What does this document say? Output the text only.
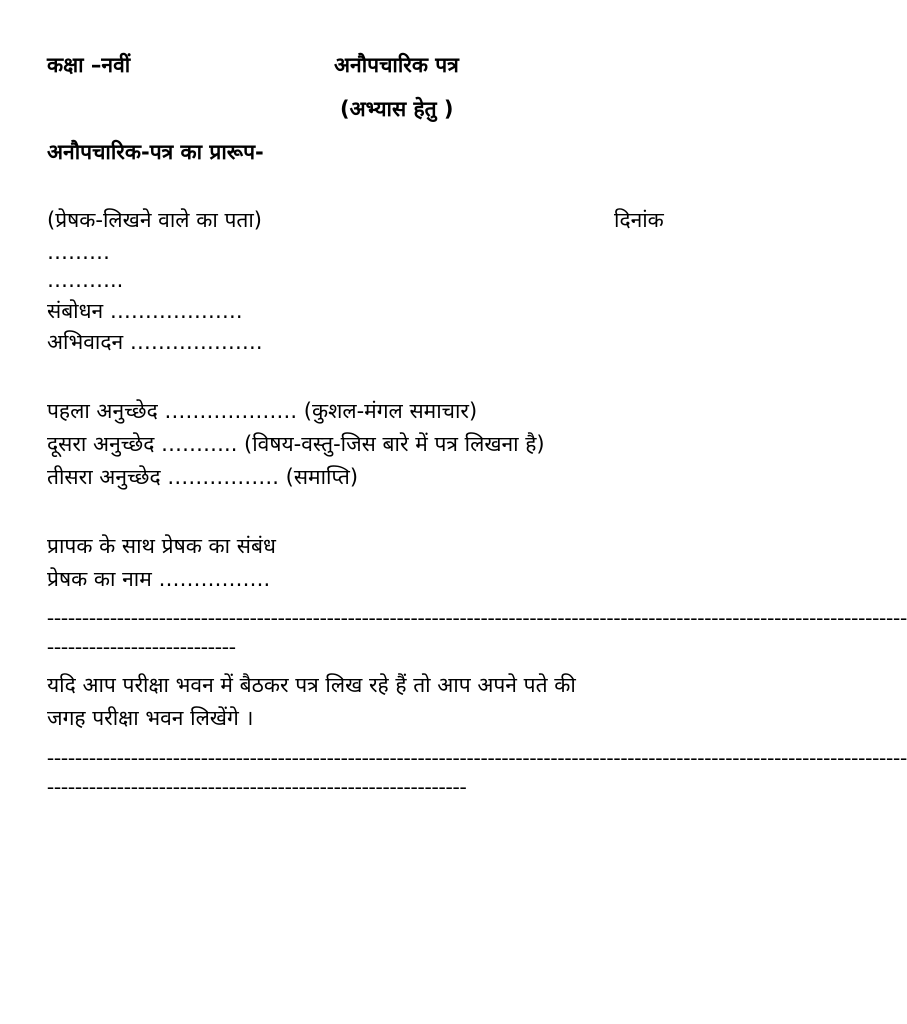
कक्षा –नवीं	अनौपचारिक पत्र
(अभ्यास हेतु )
अनौपचारिक-पत्र का प्रारूप-
(प्रेषक-लिखने वाले का पता)	दिनांक
………
………..
संबोधन ……………….
अभिवादन ……………….
पहला अनुच्छेद ………………. (कुशल-मंगल समाचार)
दूसरा अनुच्छेद ……….. (विषय-वस्तु-जिस बारे में पत्र लिखना है)
तीसरा अनुच्छेद ……………. (समाप्ति)
प्रापक के साथ प्रेषक का संबंध
प्रेषक का नाम …………….
---------------------------------------------------------------------------------------------------------------------------
---------------------------
यदि आप परीक्षा भवन में बैठकर पत्र लिख रहे हैं तो आप अपने पते की
जगह परीक्षा भवन लिखेंगे ।
---------------------------------------------------------------------------------------------------------------------------
------------------------------------------------------------
